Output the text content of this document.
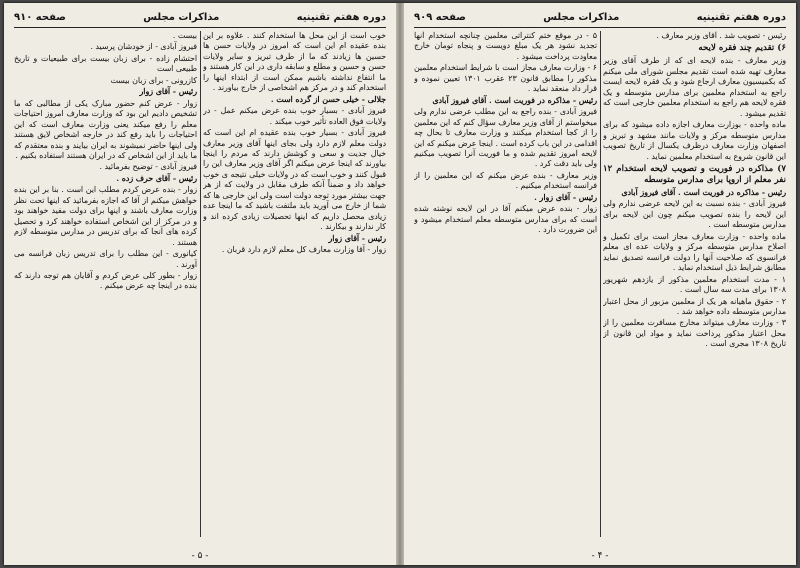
دوره هفتم تقنینیه
مذاکرات مجلس
صفحه ۹۱۰

خوب است از این محل ها استخدام کنند . علاوه بر این بنده عقیده ام این است که امروز در ولایات حسن ها حسین ها زیادند که ما از طرف تبریز و سایر ولایات حسن و حسین و مطلع و سابقه داری در این کار هستند و ما انتفاع نداشته باشیم ممکن است از ابتداء اینها را استخدام کند و در مرکز هم اشخاصی از خارج بیاورند .

جلالی - خیلی حسن از گرده است .

فیروز آبادی - بسیار خوب بنده عرض میکنم عمل - در ولایات فوق العاده تأثیر خوب میکند .

فیروز آبادی - بسیار خوب بنده عقیده ام این است که دولت معلم لازم دارد ولی بجای اینها آقای وزیر معارف خیال جدیت و سعی و کوشش دارند که مردم را اینجا بیاورند که اینجا عرض میکنم اگر آقای وزیر معارف این را قبول کنند و خوب است که در ولایات خیلی نتیجه ی خوب خواهد داد و ضمناً آنکه طرف مقابل در ولایت که از هر جهت بیشتر مورد توجه دولت است ولی این خارجی ها که شما از خارج می آورید باید ملتفت باشید که ما اینجا عده زیادی محصل داریم که اینها تحصیلات زیادی کرده اند و کار ندارند و بیکارند .

رئیس - آقای زوار

زوار - آقا وزارت معارف کل معلم لازم دارد قربان .

بیست .

فیروز آبادی - از خودشان پرسید .

احتشام زاده - برای زبان بیست برای طبیعیات و تاریخ طبیعی است

کازرونی - برای زبان بیست

رئیس - آقای زوار

زوار - عرض کنم حضور مبارک یکی از مطالبی که ما تشخیص دادیم این بود که وزارت معارف امروز احتیاجات معلم را رفع میکند یعنی وزارت معارف است که این احتیاجات را باید رفع کند در خارجه اشخاص لایق هستند ولی اینها حاضر نمیشوند به ایران بیایند و بنده معتقدم که ما باید از این اشخاص که در ایران هستند استفاده بکنیم .

فیروز آبادی - توضیح بفرمائید .

رئیس - آقای حرف زده .

زوار - بنده عرض کردم مطلب این است . بنا بر این بنده خواهش میکنم از آقا که اجازه بفرمائید که اینها تحت نظر وزارت معارف باشند و اینها برای دولت مفید خواهند بود و در مرکز از این اشخاص استفاده خواهند کرد و تحصیل کرده های آنجا که برای تدریس در مدارس متوسطه لازم هستند .

کیانوری - این مطلب را برای تدریس زبان فرانسه می آورند .

زوار - بطور کلی عرض کردم و آقایان هم توجه دارند که بنده در اینجا چه عرض میکنم .

- ۵ -
دوره هفتم تقنینیه
مذاکرات مجلس
صفحه ۹۰۹

رئیس - تصویب شد . آقای وزیر معارف .

۶) تقدیم چند فقره لایحه

وزیر معارف - بنده لایحه ای که از طرف آقای وزیر معارف تهیه شده است تقدیم مجلس شورای ملی میکنم که بکمیسیون معارف ارجاع شود و یک فقره لایحه ایست راجع به استخدام معلمین برای مدارس متوسطه و یک فقره لایحه هم راجع به استخدام معلمین خارجی است که تقدیم میشود .

ماده واحده - بوزارت معارف اجازه داده میشود که برای مدارس متوسطه مرکز و ولایات مانند مشهد و تبریز و اصفهان وزارت معارف درظرف یکسال از تاریخ تصویب این قانون شروع به استخدام معلمین نماید .

۷) مذاکره در فوریت و تصویب لایحه استخدام ۱۲ نفر معلم از اروپا برای مدارس متوسطه

رئیس - مذاکره در فوریت است . آقای فیروز آبادی

فیروز آبادی - بنده نسبت به این لایحه عرضی ندارم ولی این لایحه را بنده تصویب میکنم چون این لایحه برای مدارس متوسطه است .

ماده واحده - وزارت معارف مجاز است برای تکمیل و اصلاح مدارس متوسطه مرکز و ولایات عده ای معلم فرانسوی که صلاحیت آنها را دولت فرانسه تصدیق نماید مطابق شرایط ذیل استخدام نماید .

۱ - مدت استخدام معلمین مذکور از یازدهم شهریور ۱۳۰۸ برای مدت سه سال است .

۲ - حقوق ماهیانه هر یک از معلمین مزبور از محل اعتبار مدارس متوسطه داده خواهد شد .

۳ - وزارت معارف میتواند مخارج مسافرت معلمین را از محل اعتبار مذکور پرداخت نماید و مواد این قانون از تاریخ ۱۳۰۸ مجری است .

۵ - در موقع ختم کنتراتی معلمین چنانچه استخدام آنها تجدید نشود هر یک مبلغ دویست و پنجاه تومان خارج معاودت پرداخت میشود .

۶ - وزارت معارف مجاز است با شرایط استخدام معلمین مذکور را مطابق قانون ۲۳ عقرب ۱۳۰۱ تعیین نموده و قرار داد منعقد نماید .

رئیس - مذاکره در فوریت است . آقای فیروز آبادی

فیروز آبادی - بنده راجع به این مطلب عرضی ندارم ولی میخواستم از آقای وزیر معارف سؤال کنم که این معلمین را از کجا استخدام میکنند و وزارت معارف تا بحال چه اقدامی در این باب کرده است . اینجا عرض میکنم که این لایحه امروز تقدیم شده و ما فوریت آنرا تصویب میکنیم ولی باید دقت کرد .

وزیر معارف - بنده عرض میکنم که این معلمین را از فرانسه استخدام میکنیم .

رئیس - آقای زوار .

زوار - بنده عرض میکنم آقا در این لایحه نوشته شده است که برای مدارس متوسطه معلم استخدام میشود و این ضرورت دارد .

- ۴ -
